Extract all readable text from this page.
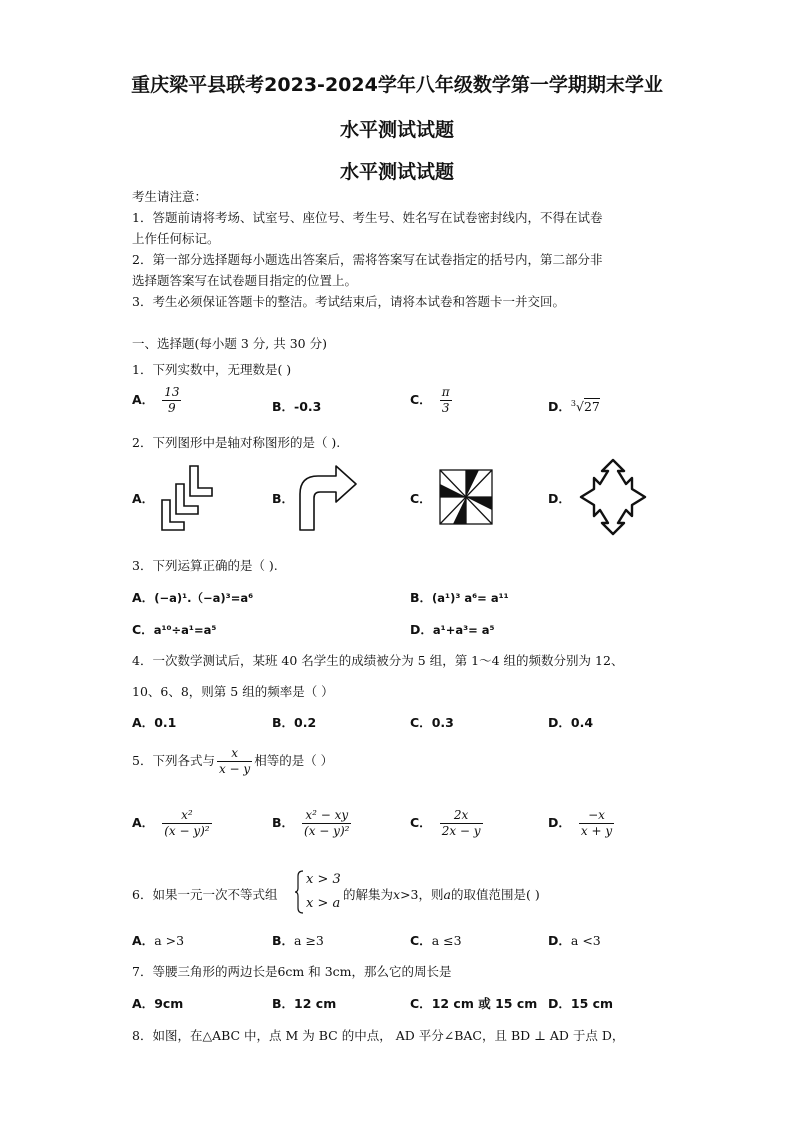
重庆梁平县联考2023-2024学年八年级数学第一学期期末学业
水平测试试题
水平测试试题
考生请注意：
1．答题前请将考场、试室号、座位号、考生号、姓名写在试卷密封线内，不得在试卷
上作任何标记。
2．第一部分选择题每小题选出答案后，需将答案写在试卷指定的括号内，第二部分非
选择题答案写在试卷题目指定的位置上。
3．考生必须保证答题卡的整洁。考试结束后，请将本试卷和答题卡一并交回。
一、选择题(每小题 3 分, 共 30 分)
1．下列实数中，无理数是( )
A． $\frac{13}{9}$	B．-0.3	C． $\frac{\pi}{3}$	D．$^3$√27
2．下列图形中是轴对称图形的是（ ).
A．	B．	C．	D．
3．下列运算正确的是（ ).
A．(−a)¹.（−a)³=a⁶	B．(a¹)³ a⁶= a¹¹
C．a¹⁰÷a¹=a⁵	D．a¹+a³= a⁵
4．一次数学测试后，某班 40 名学生的成绩被分为 5 组，第 1～4 组的频数分别为 12、
10、6、8，则第 5 组的频率是（ ）
A．0.1	B．0.2	C．0.3	D．0.4
5．下列各式与 $\frac{x}{x - y}$ 相等的是（ ）
A． $\frac{\text{x²}}{\text{(x − y)²}}$	B． $\frac{\text{x² − xy}}{\text{(x − y)²}}$	C． $\frac{2x}{2x - y}$	D． $\frac{-x}{x + y}$
6．如果一元一次不等式组
x > 3
x > a
的解集为x>3，则a的取值范围是( )
A．a >3	B．a ≥3	C．a ≤3	D．a <3
7．等腰三角形的两边长是6cm 和 3cm，那么它的周长是
A．9cm	B．12 cm	C．12 cm 或 15 cm D．15 cm
8．如图，在△ABC 中，点 M 为 BC 的中点， AD 平分∠BAC，且 BD ⊥ AD 于点 D，
